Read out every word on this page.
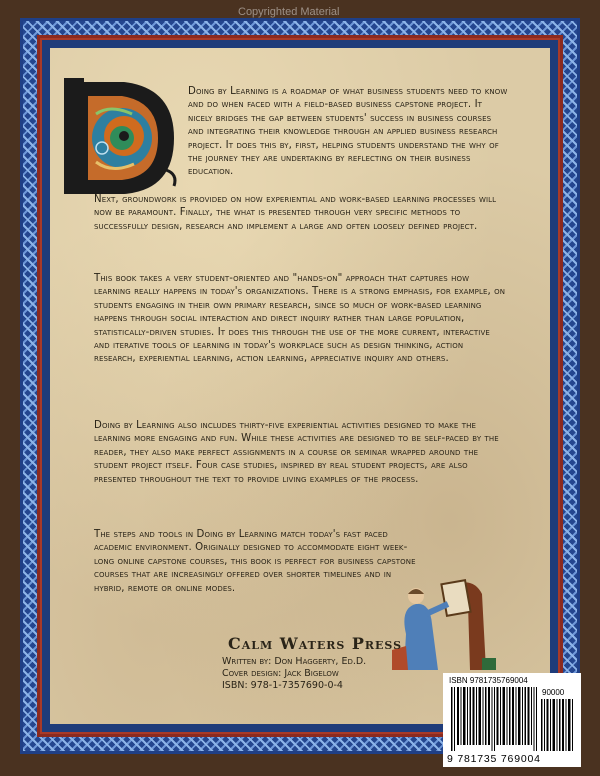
Copyrighted Material
Doing by Learning is a roadmap of what business students need to know and do when faced with a field-based business capstone project. It nicely bridges the gap between students' success in business courses and integrating their knowledge through an applied business research project. It does this by, first, helping students understand the why of the journey they are undertaking by reflecting on their business education.
Next, groundwork is provided on how experiential and work-based learning processes will now be paramount. Finally, the what is presented through very specific methods to successfully design, research and implement a large and often loosely defined project.
This book takes a very student-oriented and "hands-on" approach that captures how learning really happens in today's organizations. There is a strong emphasis, for example, on students engaging in their own primary research, since so much of work-based learning happens through social interaction and direct inquiry rather than large population, statistically-driven studies. It does this through the use of the more current, interactive and iterative tools of learning in today's workplace such as design thinking, action research, experiential learning, action learning, appreciative inquiry and others.
Doing by Learning also includes thirty-five experiential activities designed to make the learning more engaging and fun. While these activities are designed to be self-paced by the reader, they also make perfect assignments in a course or seminar wrapped around the student project itself. Four case studies, inspired by real student projects, are also presented throughout the text to provide living examples of the process.
The steps and tools in Doing by Learning match today's fast paced academic environment. Originally designed to accommodate eight week-long online capstone courses, this book is perfect for business capstone courses that are increasingly offered over shorter timelines and in hybrid, remote or online modes.
Calm Waters Press
Written by: Don Haggerty, Ed.D.
Cover design: Jack Bigelow
ISBN: 978-1-7357690-0-4	ISBN 9781735769004
90000
9 781735 769004
